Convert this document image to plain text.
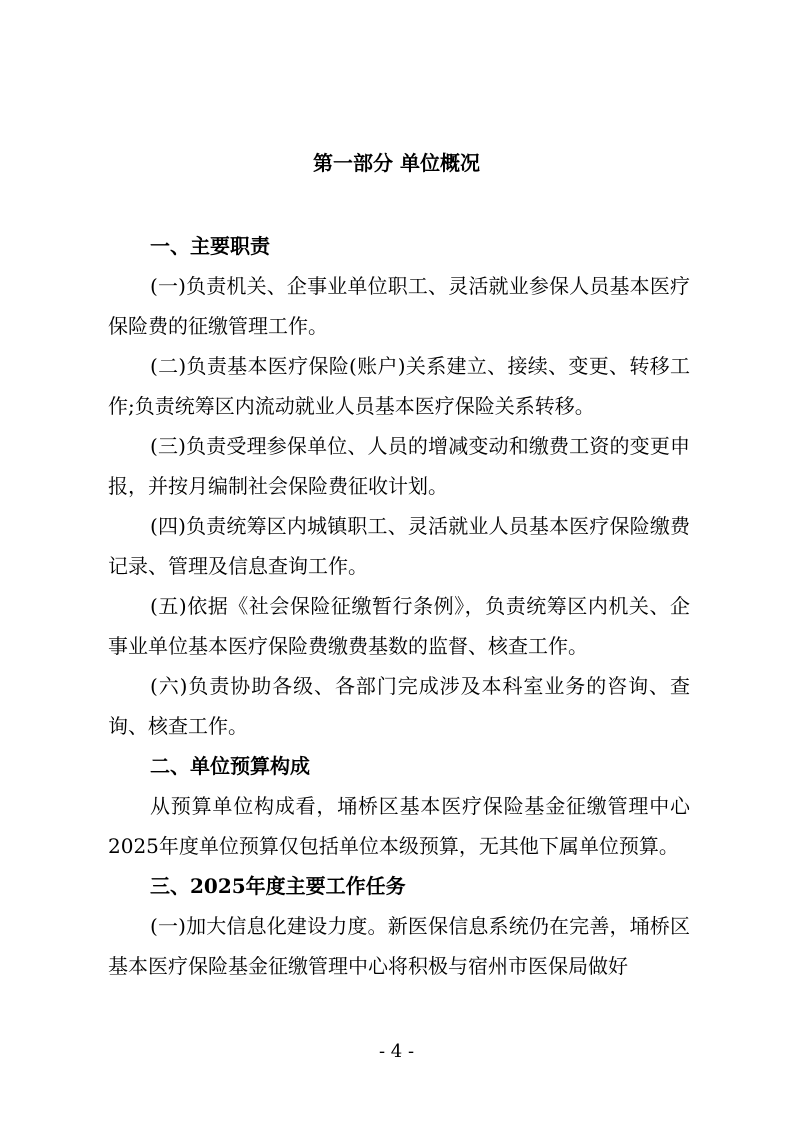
第一部分 单位概况

一、主要职责

(一)负责机关、企事业单位职工、灵活就业参保人员基本医疗保险费的征缴管理工作。

(二)负责基本医疗保险(账户)关系建立、接续、变更、转移工作;负责统筹区内流动就业人员基本医疗保险关系转移。

(三)负责受理参保单位、人员的增减变动和缴费工资的变更申报，并按月编制社会保险费征收计划。

(四)负责统筹区内城镇职工、灵活就业人员基本医疗保险缴费记录、管理及信息查询工作。

(五)依据《社会保险征缴暂行条例》，负责统筹区内机关、企事业单位基本医疗保险费缴费基数的监督、核查工作。

(六)负责协助各级、各部门完成涉及本科室业务的咨询、查询、核查工作。

二、单位预算构成

从预算单位构成看，埇桥区基本医疗保险基金征缴管理中心2025年度单位预算仅包括单位本级预算，无其他下属单位预算。

三、2025年度主要工作任务

(一)加大信息化建设力度。新医保信息系统仍在完善，埇桥区基本医疗保险基金征缴管理中心将积极与宿州市医保局做好

- 4 -
